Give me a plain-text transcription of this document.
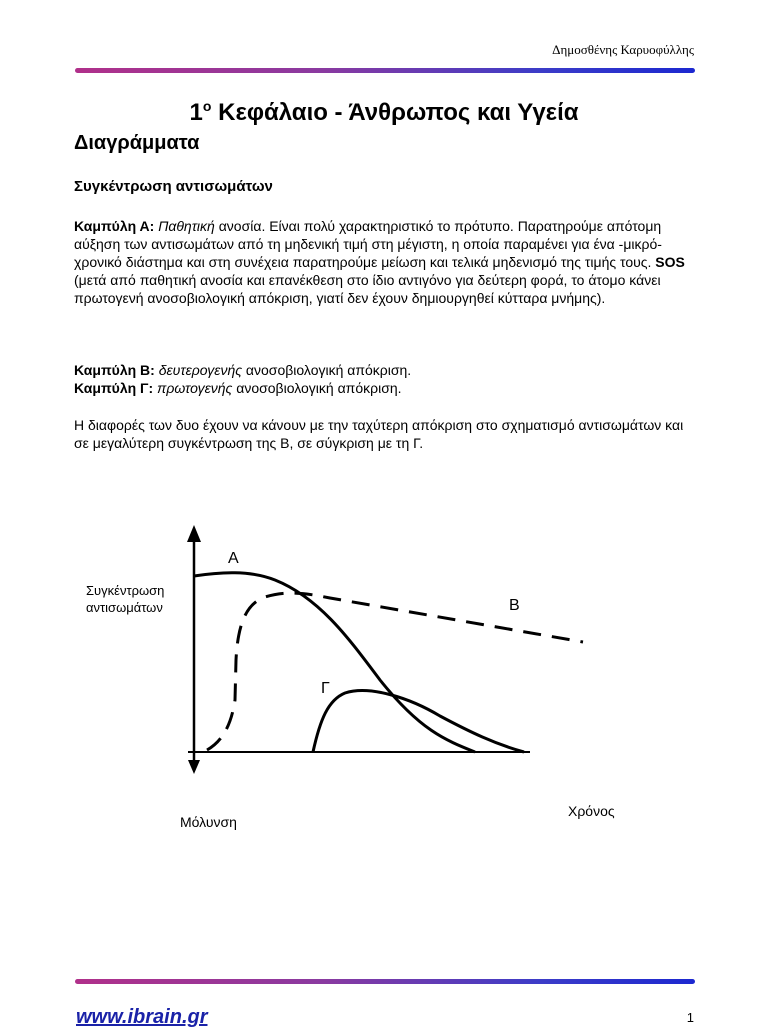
Δημοσθένης Καρυοφύλλης
$1^o$ Κεφάλαιο - Άνθρωπος και Υγεία
Διαγράμματα
Συγκέντρωση αντισωμάτων

Καμπύλη Α: Παθητική ανοσία. Είναι πολύ χαρακτηριστικό το πρότυπο. Παρατηρούμε απότομη αύξηση των αντισωμάτων από τη μηδενική τιμή στη μέγιστη, η οποία παραμένει για ένα -μικρό- χρονικό διάστημα και στη συνέχεια παρατηρούμε μείωση και τελικά μηδενισμό της τιμής τους. SOS (μετά από παθητική ανοσία και επανέκθεση στο ίδιο αντιγόνο για δεύτερη φορά, το άτομο κάνει πρωτογενή ανοσοβιολογική απόκριση, γιατί δεν έχουν δημιουργηθεί κύτταρα μνήμης).

Καμπύλη Β: δευτερογενής ανοσοβιολογική απόκριση.
Καμπύλη Γ: πρωτογενής ανοσοβιολογική απόκριση.

Η διαφορές των δυο έχουν να κάνουν με την ταχύτερη απόκριση στο σχηματισμό αντισωμάτων και σε μεγαλύτερη συγκέντρωση της Β, σε σύγκριση με τη Γ.

Α
Β
Γ
Συγκέντρωση
αντισωμάτων
Χρόνος
Μόλυνση
www.ibrain.gr	1
